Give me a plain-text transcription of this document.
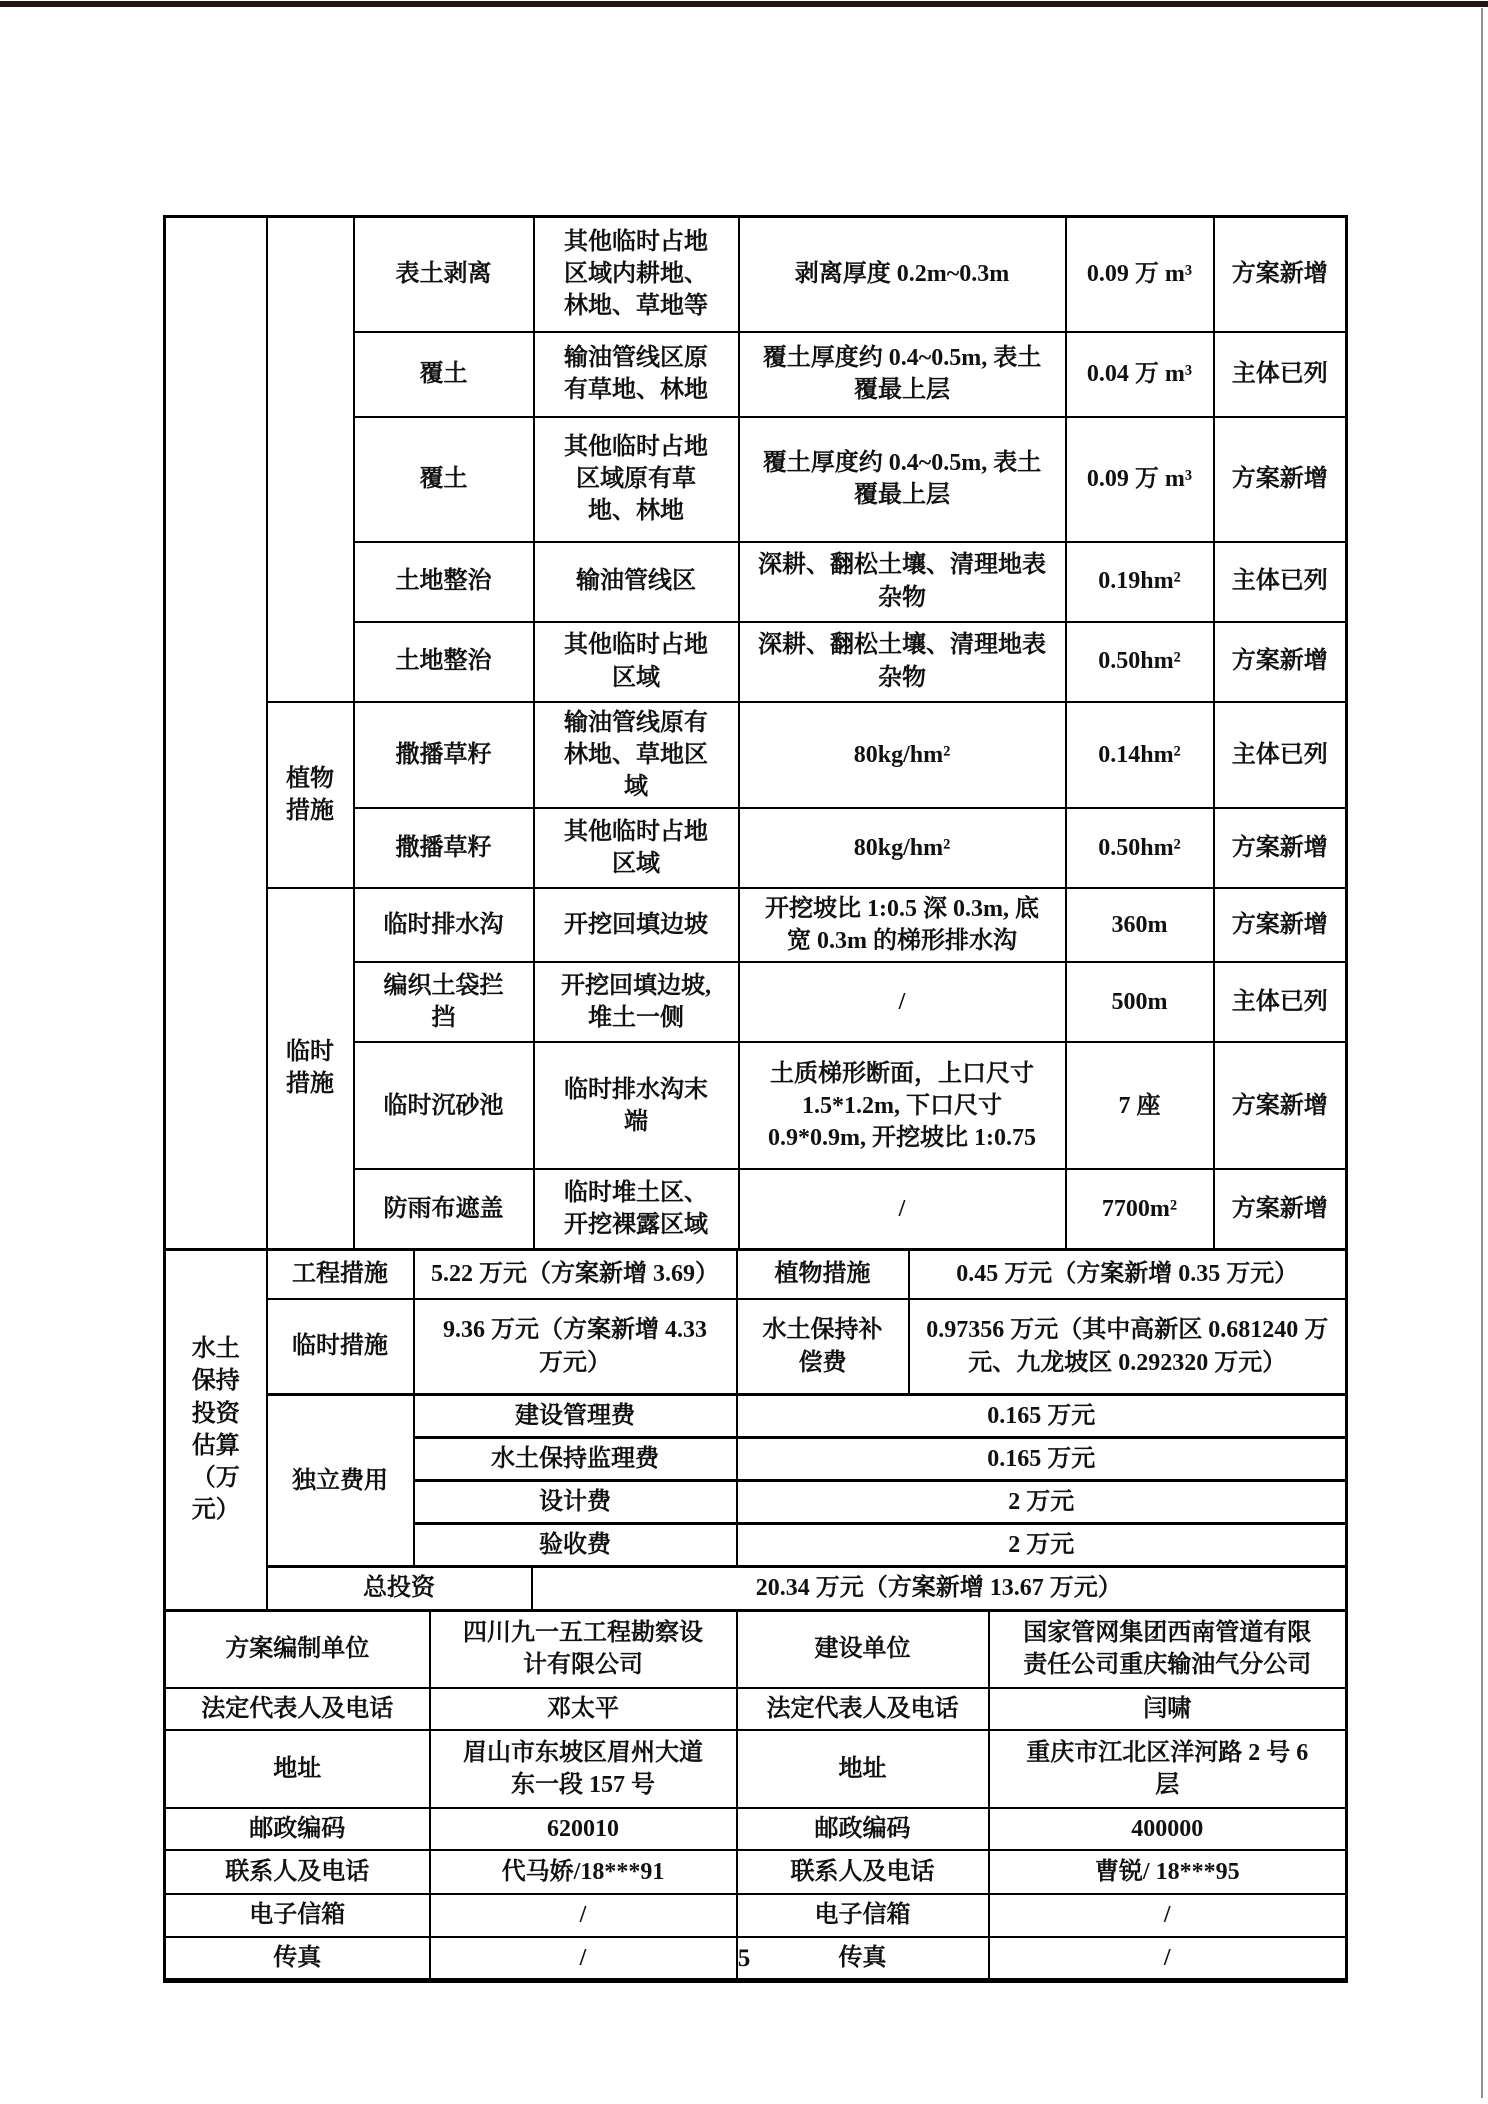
		表土剥离	其他临时占地区域内耕地、林地、草地等	剥离厚度 0.2m~0.3m	0.09 万 m³	方案新增
		覆土	输油管线区原有草地、林地	覆土厚度约 0.4~0.5m, 表土覆最上层	0.04 万 m³	主体已列
		覆土	其他临时占地区域原有草地、林地	覆土厚度约 0.4~0.5m, 表土覆最上层	0.09 万 m³	方案新增
		土地整治	输油管线区	深耕、翻松土壤、清理地表杂物	0.19hm²	主体已列
		土地整治	其他临时占地区域	深耕、翻松土壤、清理地表杂物	0.50hm²	方案新增
	植物措施	撒播草籽	输油管线原有林地、草地区域	80kg/hm²	0.14hm²	主体已列
		撒播草籽	其他临时占地区域	80kg/hm²	0.50hm²	方案新增
	临时措施	临时排水沟	开挖回填边坡	开挖坡比 1:0.5 深 0.3m, 底宽 0.3m 的梯形排水沟	360m	方案新增
		编织土袋拦挡	开挖回填边坡, 堆土一侧	/	500m	主体已列
		临时沉砂池	临时排水沟末端	土质梯形断面，上口尺寸 1.5*1.2m, 下口尺寸 0.9*0.9m, 开挖坡比 1:0.75	7 座	方案新增
		防雨布遮盖	临时堆土区、开挖裸露区域	/	7700m²	方案新增
水土保持投资估算（万元）	工程措施	5.22 万元（方案新增 3.69）		植物措施	0.45 万元（方案新增 0.35 万元）
	临时措施	9.36 万元（方案新增 4.33 万元）		水土保持补偿费	0.97356 万元（其中高新区 0.681240 万元、九龙坡区 0.292320 万元）
	独立费用	建设管理费		0.165 万元	
		水土保持监理费		0.165 万元	
		设计费		2 万元	
		验收费		2 万元	
	总投资		20.34 万元（方案新增 13.67 万元）		
方案编制单位	四川九一五工程勘察设计有限公司	建设单位	国家管网集团西南管道有限责任公司重庆输油气分公司
法定代表人及电话	邓太平	法定代表人及电话	闫啸
地址	眉山市东坡区眉州大道东一段 157 号	地址	重庆市江北区洋河路 2 号 6 层
邮政编码	620010	邮政编码	400000
联系人及电话	代马娇/18***91	联系人及电话	曹锐/ 18***95
电子信箱	/	电子信箱	/
传真	/	传真	/
5
